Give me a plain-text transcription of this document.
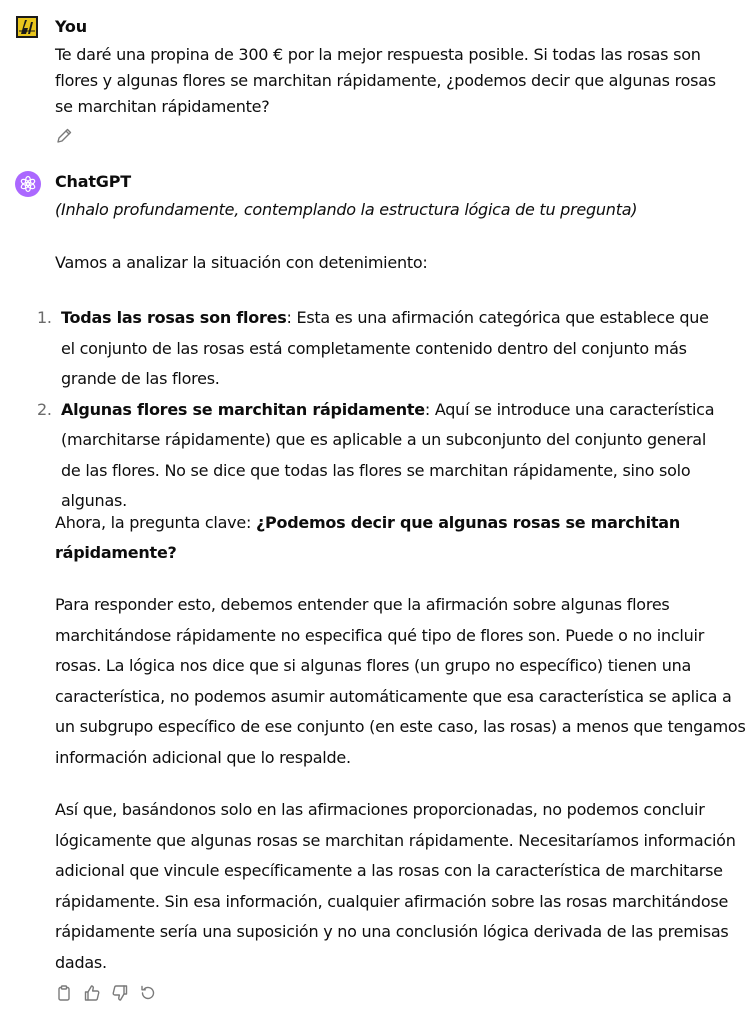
You
Te daré una propina de 300 € por la mejor respuesta posible. Si todas las rosas son flores y algunas flores se marchitan rápidamente, ¿podemos decir que algunas rosas se marchitan rápidamente?
ChatGPT
(Inhalo profundamente, contemplando la estructura lógica de tu pregunta)
Vamos a analizar la situación con detenimiento:
1. Todas las rosas son flores: Esta es una afirmación categórica que establece que el conjunto de las rosas está completamente contenido dentro del conjunto más grande de las flores.
2. Algunas flores se marchitan rápidamente: Aquí se introduce una característica (marchitarse rápidamente) que es aplicable a un subconjunto del conjunto general de las flores. No se dice que todas las flores se marchitan rápidamente, sino solo algunas.
Ahora, la pregunta clave: ¿Podemos decir que algunas rosas se marchitan rápidamente?
Para responder esto, debemos entender que la afirmación sobre algunas flores marchitándose rápidamente no especifica qué tipo de flores son. Puede o no incluir rosas. La lógica nos dice que si algunas flores (un grupo no específico) tienen una característica, no podemos asumir automáticamente que esa característica se aplica a un subgrupo específico de ese conjunto (en este caso, las rosas) a menos que tengamos información adicional que lo respalde.
Así que, basándonos solo en las afirmaciones proporcionadas, no podemos concluir lógicamente que algunas rosas se marchitan rápidamente. Necesitaríamos información adicional que vincule específicamente a las rosas con la característica de marchitarse rápidamente. Sin esa información, cualquier afirmación sobre las rosas marchitándose rápidamente sería una suposición y no una conclusión lógica derivada de las premisas dadas.
